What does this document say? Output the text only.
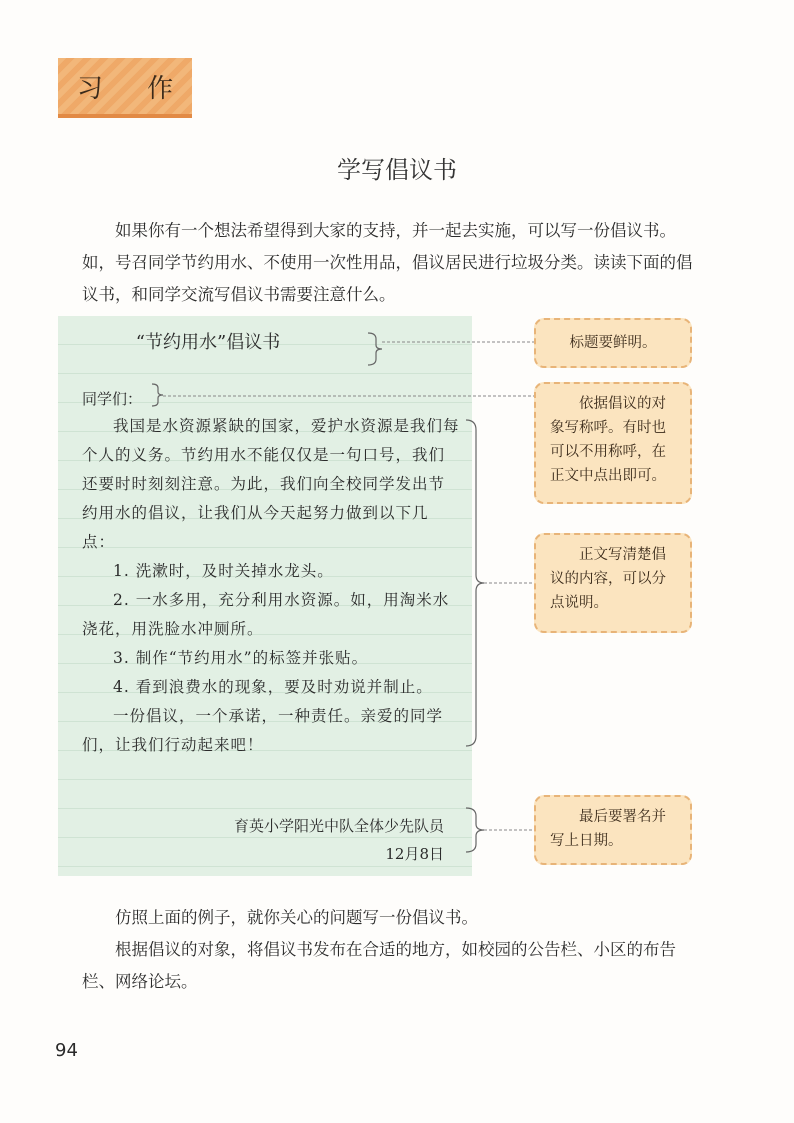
习 作
学写倡议书

如果你有一个想法希望得到大家的支持，并一起去实施，可以写一份倡议书。如，号召同学节约用水、不使用一次性用品，倡议居民进行垃圾分类。读读下面的倡议书，和同学交流写倡议书需要注意什么。

“节约用水”倡议书
同学们：

我国是水资源紧缺的国家，爱护水资源是我们每个人的义务。节约用水不能仅仅是一句口号，我们还要时时刻刻注意。为此，我们向全校同学发出节约用水的倡议，让我们从今天起努力做到以下几点：

1. 洗漱时，及时关掉水龙头。

2. 一水多用，充分利用水资源。如，用淘米水浇花，用洗脸水冲厕所。

3. 制作“节约用水”的标签并张贴。

4. 看到浪费水的现象，要及时劝说并制止。

一份倡议，一个承诺，一种责任。亲爱的同学们，让我们行动起来吧！

育英小学阳光中队全体少先队员
12月8日
标题要鲜明。
依据倡议的对象写称呼。有时也可以不用称呼，在正文中点出即可。
正文写清楚倡议的内容，可以分点说明。
最后要署名并写上日期。

仿照上面的例子，就你关心的问题写一份倡议书。

根据倡议的对象，将倡议书发布在合适的地方，如校园的公告栏、小区的布告栏、网络论坛。

94
